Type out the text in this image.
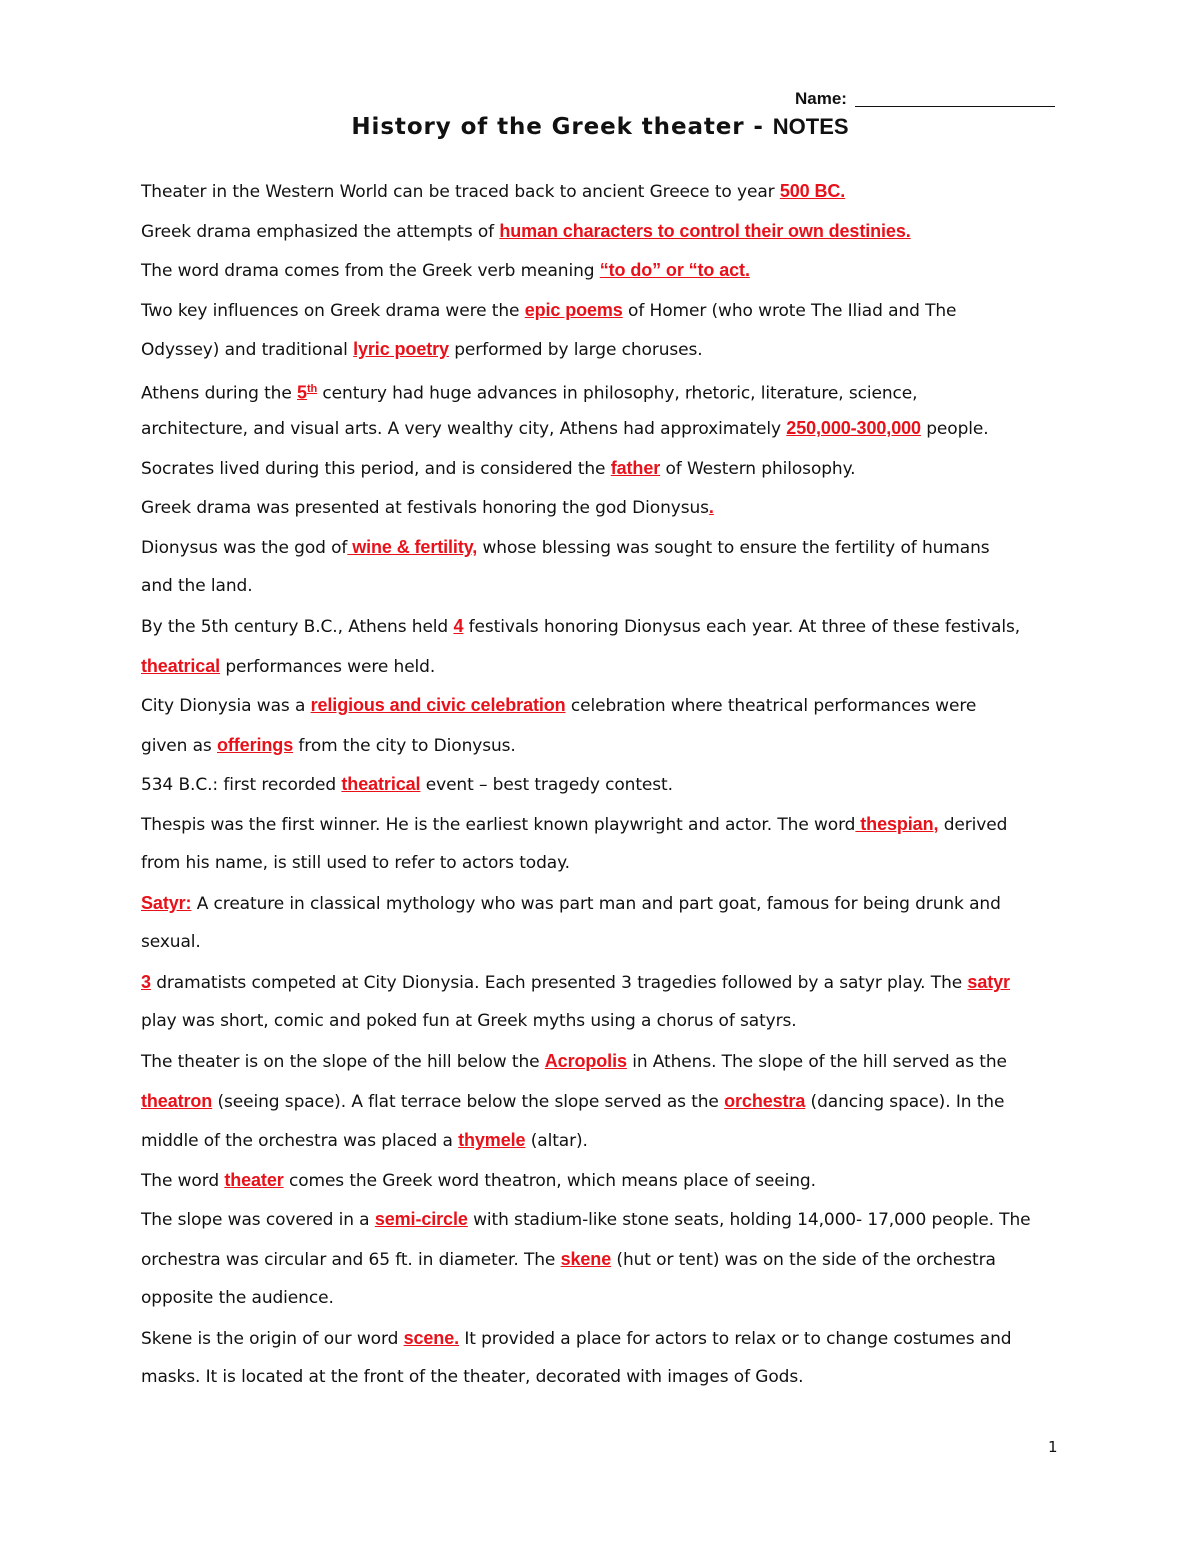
Name:
History of the Greek theater - NOTES
Theater in the Western World can be traced back to ancient Greece to year 500 BC.
Greek drama emphasized the attempts of human characters to control their own destinies.
The word drama comes from the Greek verb meaning “to do” or “to act.
Two key influences on Greek drama were the epic poems of Homer (who wrote The Iliad and The
Odyssey) and traditional lyric poetry performed by large choruses.
Athens during the 5th century had huge advances in philosophy, rhetoric, literature, science,
architecture, and visual arts. A very wealthy city, Athens had approximately 250,000-300,000 people.
Socrates lived during this period, and is considered the father of Western philosophy.
Greek drama was presented at festivals honoring the god Dionysus.
Dionysus was the god of wine & fertility, whose blessing was sought to ensure the fertility of humans
and the land.
By the 5th century B.C., Athens held 4 festivals honoring Dionysus each year. At three of these festivals,
theatrical performances were held.
City Dionysia was a religious and civic celebration celebration where theatrical performances were
given as offerings from the city to Dionysus.
534 B.C.: first recorded theatrical event – best tragedy contest.
Thespis was the first winner. He is the earliest known playwright and actor. The word thespian, derived
from his name, is still used to refer to actors today.
Satyr: A creature in classical mythology who was part man and part goat, famous for being drunk and
sexual.
3 dramatists competed at City Dionysia. Each presented 3 tragedies followed by a satyr play. The satyr
play was short, comic and poked fun at Greek myths using a chorus of satyrs.
The theater is on the slope of the hill below the Acropolis in Athens. The slope of the hill served as the
theatron (seeing space). A flat terrace below the slope served as the orchestra (dancing space). In the
middle of the orchestra was placed a thymele (altar).
The word theater comes the Greek word theatron, which means place of seeing.
The slope was covered in a semi-circle with stadium-like stone seats, holding 14,000- 17,000 people. The
orchestra was circular and 65 ft. in diameter. The skene (hut or tent) was on the side of the orchestra
opposite the audience.
Skene is the origin of our word scene. It provided a place for actors to relax or to change costumes and
masks. It is located at the front of the theater, decorated with images of Gods.
1
